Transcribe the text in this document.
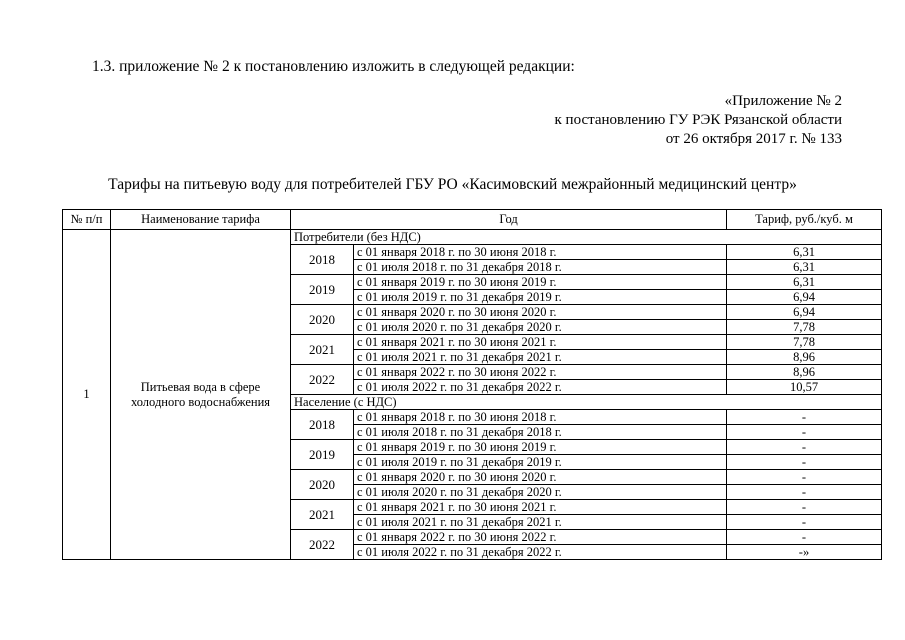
1.3. приложение № 2 к постановлению изложить в следующей редакции:
«Приложение № 2
к постановлению ГУ РЭК Рязанской области
от 26 октября 2017 г. № 133
Тарифы на питьевую воду для потребителей ГБУ РО «Касимовский межрайонный медицинский центр»
№ п/п	Наименование тарифа	Год		Тариф, руб./куб. м
1	Питьевая вода в сфере холодного водоснабжения	Потребители (без НДС)		
		2018	с 01 января 2018 г. по 30 июня 2018 г.	6,31
			с 01 июля 2018 г. по 31 декабря 2018 г.	6,31
		2019	с 01 января 2019 г. по 30 июня 2019 г.	6,31
			с 01 июля 2019 г. по 31 декабря 2019 г.	6,94
		2020	с 01 января 2020 г. по 30 июня 2020 г.	6,94
			с 01 июля 2020 г. по 31 декабря 2020 г.	7,78
		2021	с 01 января 2021 г. по 30 июня 2021 г.	7,78
			с 01 июля 2021 г. по 31 декабря 2021 г.	8,96
		2022	с 01 января 2022 г. по 30 июня 2022 г.	8,96
			с 01 июля 2022 г. по 31 декабря 2022 г.	10,57
		Население (с НДС)		
		2018	с 01 января 2018 г. по 30 июня 2018 г.	-
			с 01 июля 2018 г. по 31 декабря 2018 г.	-
		2019	с 01 января 2019 г. по 30 июня 2019 г.	-
			с 01 июля 2019 г. по 31 декабря 2019 г.	-
		2020	с 01 января 2020 г. по 30 июня 2020 г.	-
			с 01 июля 2020 г. по 31 декабря 2020 г.	-
		2021	с 01 января 2021 г. по 30 июня 2021 г.	-
			с 01 июля 2021 г. по 31 декабря 2021 г.	-
		2022	с 01 января 2022 г. по 30 июня 2022 г.	-
			с 01 июля 2022 г. по 31 декабря 2022 г.	-»
